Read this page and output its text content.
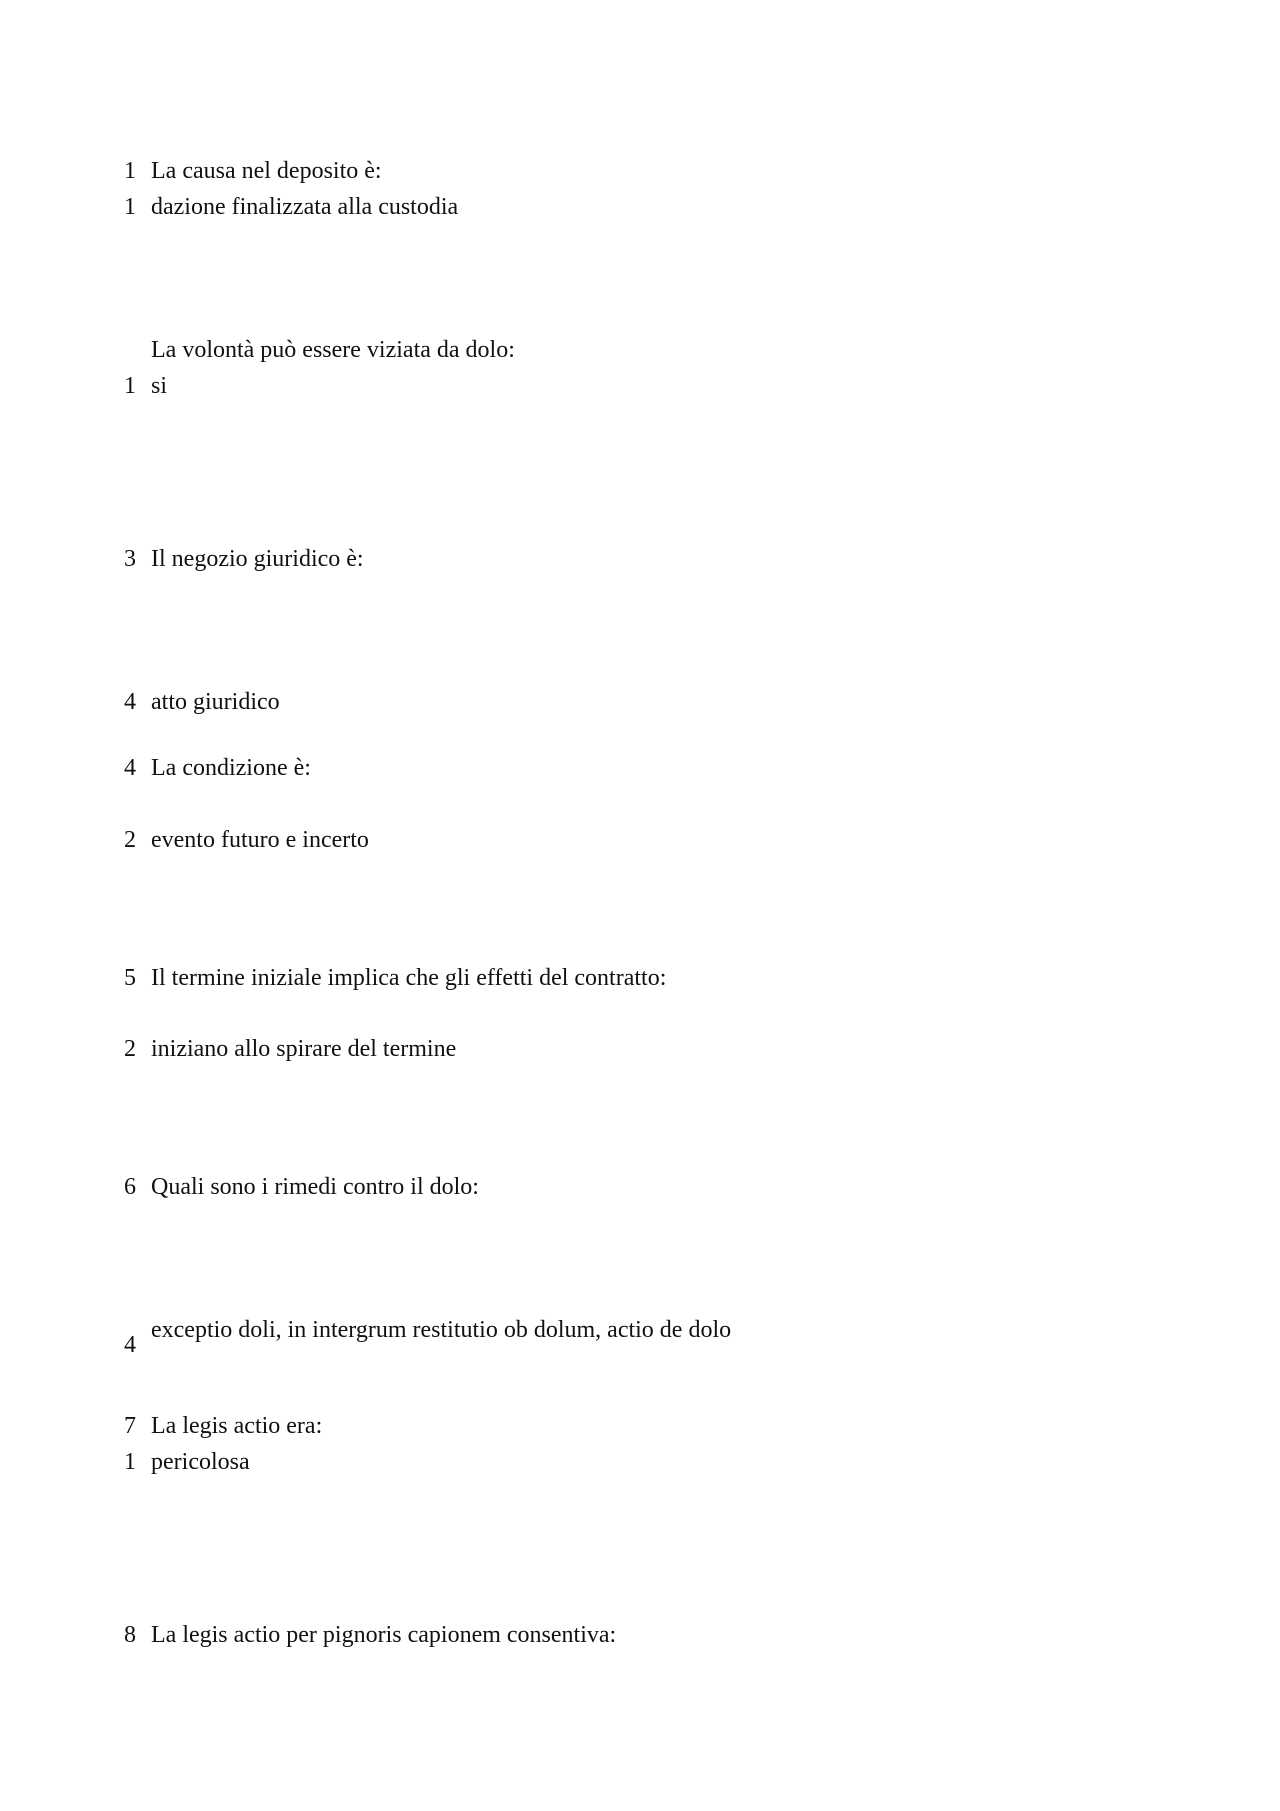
1 La causa nel deposito è:
1 dazione finalizzata alla custodia
La volontà può essere viziata da dolo:
1 si
3 Il negozio giuridico è:
4 atto giuridico
4 La condizione è:
2 evento futuro e incerto
5 Il termine iniziale implica che gli effetti del contratto:
2 iniziano allo spirare del termine
6 Quali sono i rimedi contro il dolo:
4
exceptio doli, in intergrum restitutio ob dolum, actio de dolo
7 La legis actio era:
1 pericolosa
8 La legis actio per pignoris capionem consentiva:
